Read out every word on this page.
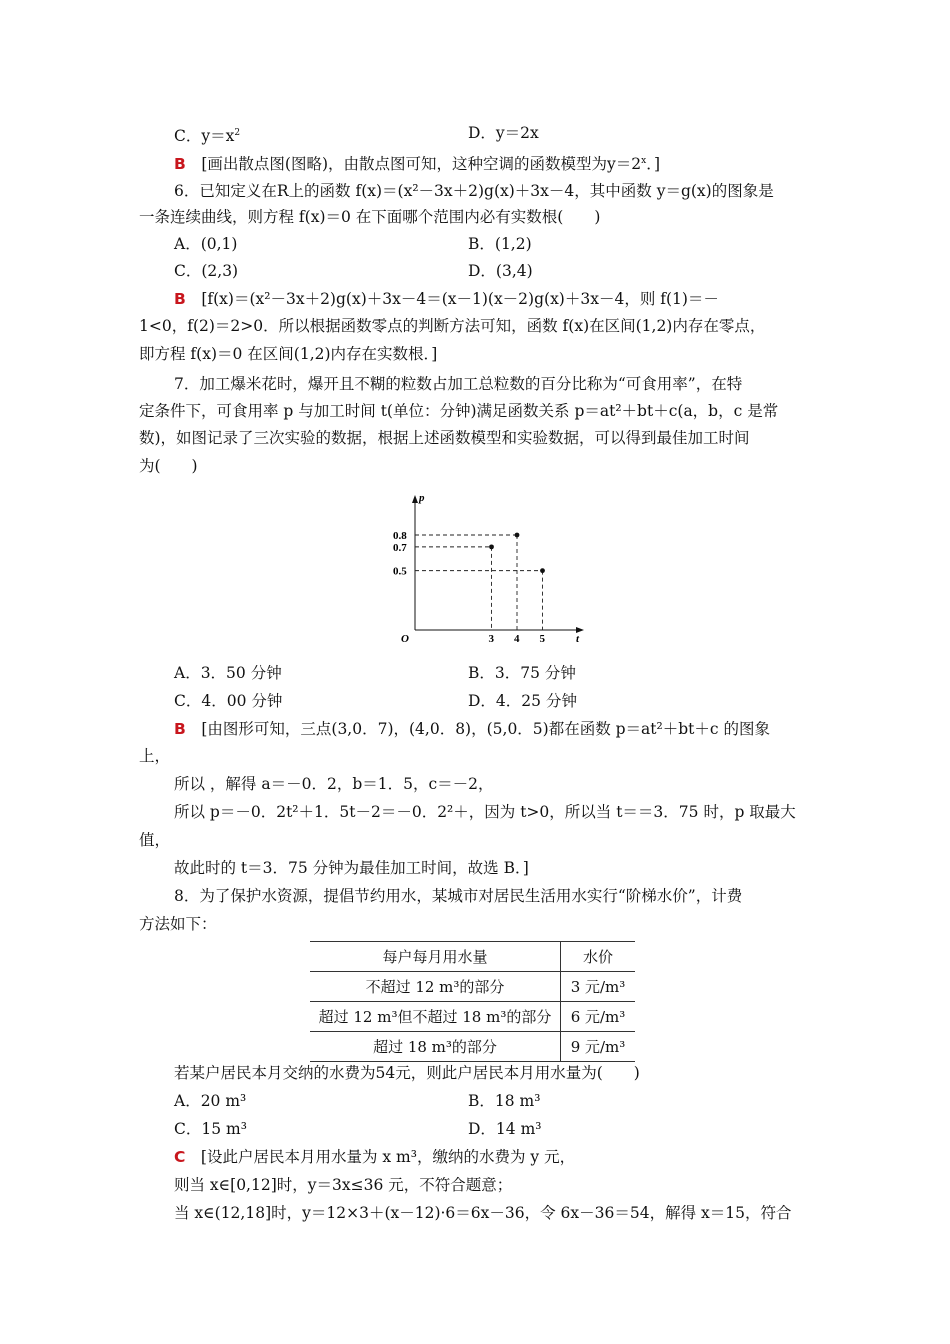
C．$y=x^2$	D．y＝2x
B　 [画出散点图(图略)，由散点图可知，这种空调的函数模型为$y=2^x$．]
6．已知定义在R上的函数 f(x)＝(x²－3x＋2)g(x)＋3x－4，其中函数 y＝g(x)的图象是
一条连续曲线，则方程 f(x)＝0 在下面哪个范围内必有实数根(　　)
A．(0,1)	B．(1,2)
C．(2,3)	D．(3,4)
B　 [f(x)＝(x²－3x＋2)g(x)＋3x－4＝(x－1)(x－2)g(x)＋3x－4，则 f(1)＝－
1<0，f(2)＝2>0．所以根据函数零点的判断方法可知，函数 f(x)在区间(1,2)内存在零点，
即方程 f(x)＝0 在区间(1,2)内存在实数根．]
7．加工爆米花时，爆开且不糊的粒数占加工总粒数的百分比称为“可食用率”，在特
定条件下，可食用率 p 与加工时间 t(单位：分钟)满足函数关系 p＝at²＋bt＋c(a，b，c 是常
数)，如图记录了三次实验的数据，根据上述函数模型和实验数据，可以得到最佳加工时间
为(　　)
p
t
O	3 4 5
0.8
0.7
0.5
A．3．50 分钟	B．3．75 分钟
C．4．00 分钟	D．4．25 分钟
B　 [由图形可知，三点(3,0．7)，(4,0．8)，(5,0．5)都在函数 p＝at²＋bt＋c 的图象
上，
所以 ，解得 a＝－0．2，b＝1．5，c＝－2，
所以 p＝－0．2t²＋1．5t－2＝－0．2²＋，因为 t>0，所以当 t＝＝3．75 时，p 取最大
值，
故此时的 t＝3．75 分钟为最佳加工时间，故选 B．]
8．为了保护水资源，提倡节约用水，某城市对居民生活用水实行“阶梯水价”，计费
方法如下：
每户每月用水量	水价
不超过 12 m³的部分	3 元/m³
超过 12 m³但不超过 18 m³的部分	6 元/m³
超过 18 m³的部分	9 元/m³
若某户居民本月交纳的水费为54元，则此户居民本月用水量为(　　)
A．20 m³	B．18 m³
C．15 m³	D．14 m³
C　 [设此户居民本月用水量为 x m³，缴纳的水费为 y 元，
则当 x∈[0,12]时，y＝3x≤36 元，不符合题意；
当 x∈(12,18]时，y＝12×3＋(x－12)·6＝6x－36，令 6x－36＝54，解得 x＝15，符合
